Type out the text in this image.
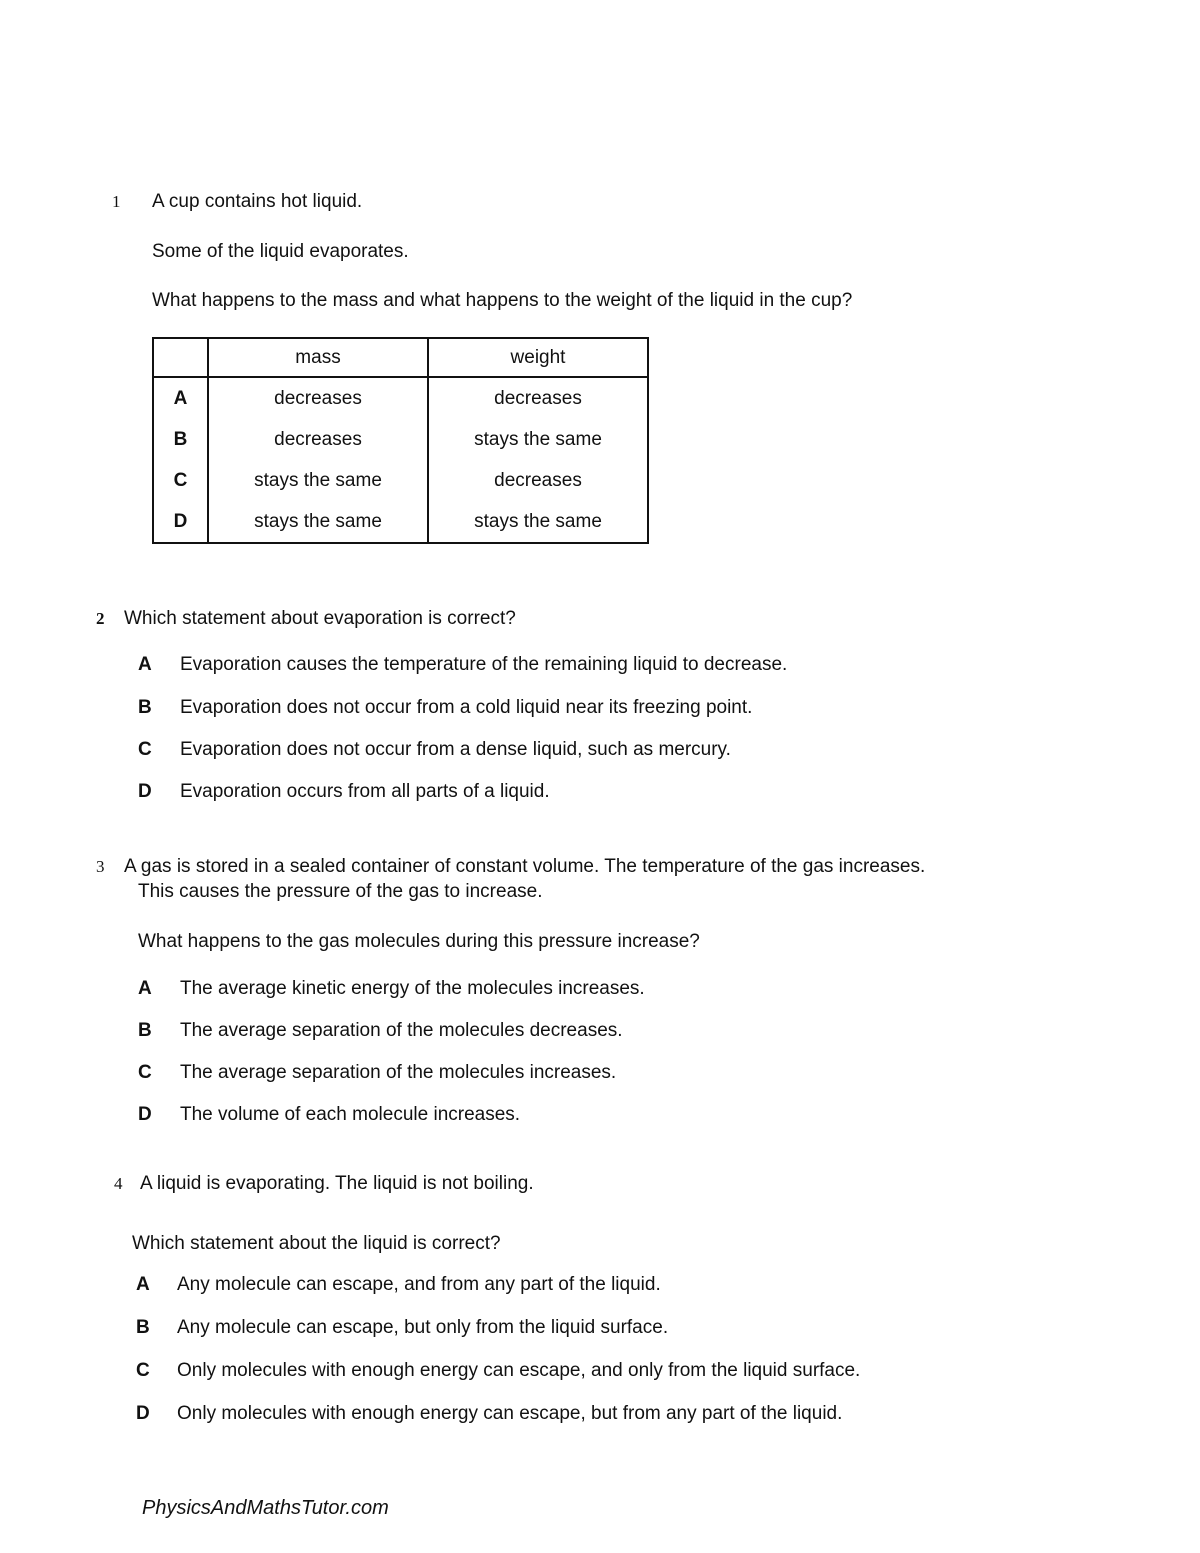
1 A cup contains hot liquid.
Some of the liquid evaporates.
What happens to the mass and what happens to the weight of the liquid in the cup?
	mass	weight
A	decreases	decreases
B	decreases	stays the same
C	stays the same	decreases
D	stays the same	stays the same
2 Which statement about evaporation is correct?
A Evaporation causes the temperature of the remaining liquid to decrease.
B Evaporation does not occur from a cold liquid near its freezing point.
C Evaporation does not occur from a dense liquid, such as mercury.
D Evaporation occurs from all parts of a liquid.
3 A gas is stored in a sealed container of constant volume. The temperature of the gas increases.
This causes the pressure of the gas to increase.
What happens to the gas molecules during this pressure increase?
A The average kinetic energy of the molecules increases.
B The average separation of the molecules decreases.
C The average separation of the molecules increases.
D The volume of each molecule increases.
4 A liquid is evaporating. The liquid is not boiling.
Which statement about the liquid is correct?
A Any molecule can escape, and from any part of the liquid.
B Any molecule can escape, but only from the liquid surface.
C Only molecules with enough energy can escape, and only from the liquid surface.
D Only molecules with enough energy can escape, but from any part of the liquid.
PhysicsAndMathsTutor.com
